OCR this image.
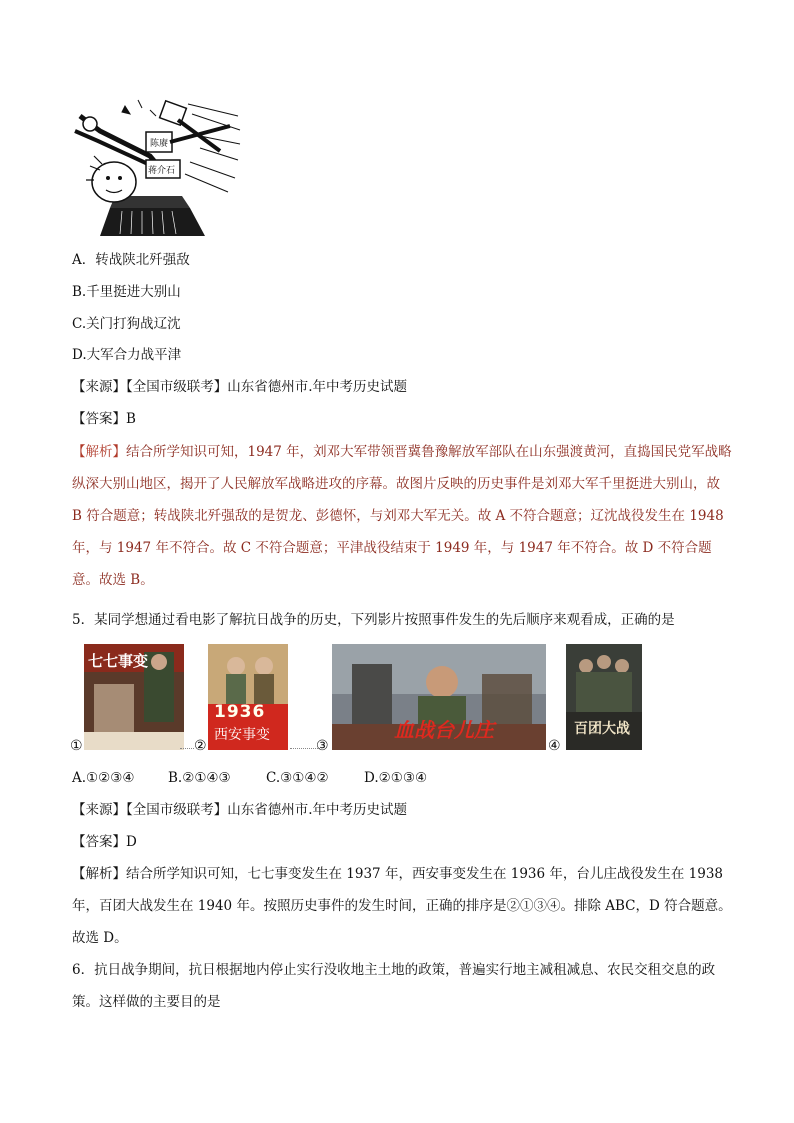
陈赓
蒋介石
A．转战陕北歼强敌
B.千里挺进大别山
C.关门打狗战辽沈
D.大军合力战平津
【来源】【全国市级联考】山东省德州市.年中考历史试题
【答案】B
【解析】结合所学知识可知，1947 年，刘邓大军带领晋冀鲁豫解放军部队在山东强渡黄河，直捣国民党军战略纵深大别山地区，揭开了人民解放军战略进攻的序幕。故图片反映的历史事件是刘邓大军千里挺进大别山，故 B 符合题意；转战陕北歼强敌的是贺龙、彭德怀，与刘邓大军无关。故 A 不符合题意；辽沈战役发生在 1948 年，与 1947 年不符合。故 C 不符合题意；平津战役结束于 1949 年，与 1947 年不符合。故 D 不符合题意。故选 B。
5．某同学想通过看电影了解抗日战争的历史，下列影片按照事件发生的先后顺序来观看成，正确的是
七七事变
①
1936
西安事变
②
血战台儿庄
③
百团大战
④
A.①②③④ B.②①④③	C.③①④②	D.②①③④
【来源】【全国市级联考】山东省德州市.年中考历史试题
【答案】D
【解析】结合所学知识可知，七七事变发生在 1937 年，西安事变发生在 1936 年，台儿庄战役发生在 1938 年，百团大战发生在 1940 年。按照历史事件的发生时间，正确的排序是②①③④。排除 ABC，D 符合题意。故选 D。
6．抗日战争期间，抗日根据地内停止实行没收地主土地的政策，普遍实行地主减租减息、农民交租交息的政策。这样做的主要目的是
